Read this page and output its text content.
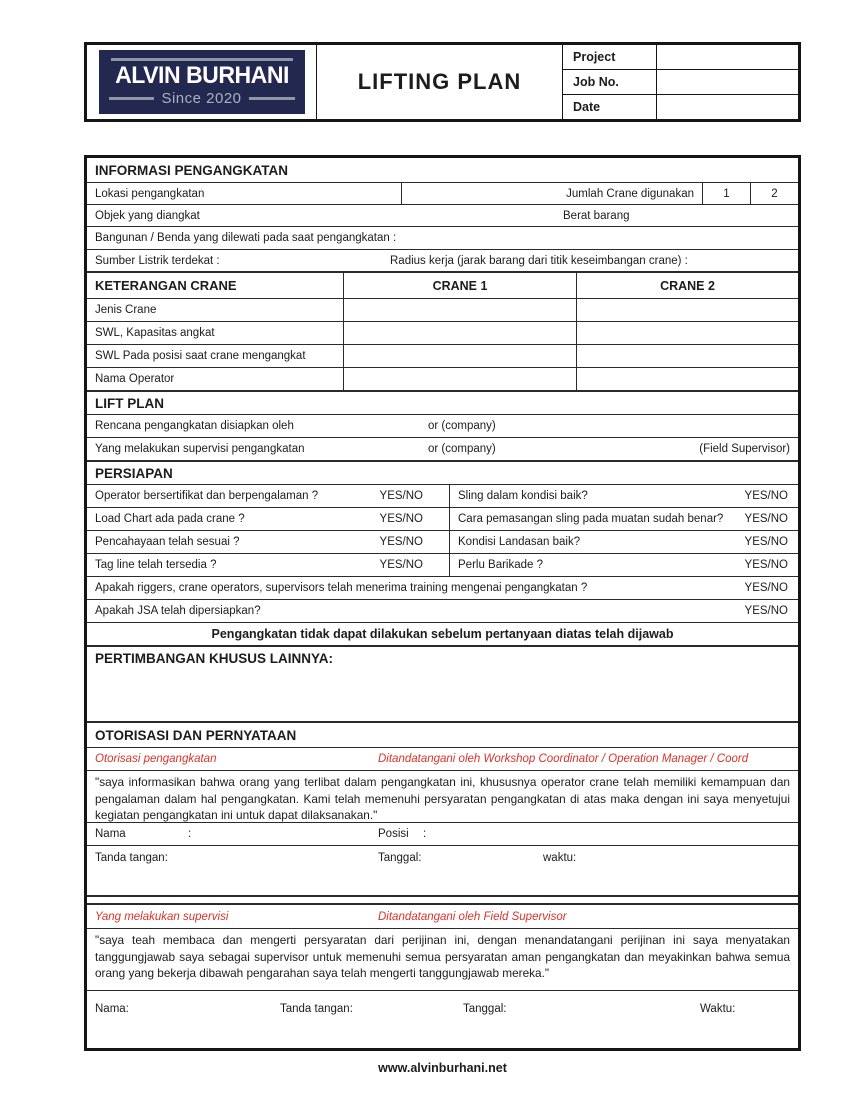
ALVIN BURHANI
Since 2020
LIFTING PLAN
Project
Job No.
Date
INFORMASI PENGANGKATAN
Lokasi pengangkatan	Jumlah Crane digunakan	1	2
Objek yang diangkat	Berat barang
Bangunan / Benda yang dilewati pada saat pengangkatan :
Sumber Listrik terdekat :	Radius kerja (jarak barang dari titik keseimbangan crane) :
KETERANGAN CRANE	CRANE 1	CRANE 2
Jenis Crane
SWL, Kapasitas angkat
SWL Pada posisi saat crane mengangkat
Nama Operator
LIFT PLAN
Rencana pengangkatan disiapkan oleh	or (company)
Yang melakukan supervisi pengangkatan	or (company)	(Field Supervisor)
PERSIAPAN
Operator bersertifikat dan berpengalaman ?	YES/NO	Sling dalam kondisi baik?	YES/NO
Load Chart ada pada crane ?	YES/NO	Cara pemasangan sling pada muatan sudah benar?	YES/NO
Pencahayaan telah sesuai ?	YES/NO	Kondisi Landasan baik?	YES/NO
Tag line telah tersedia ?	YES/NO	Perlu Barikade ?	YES/NO
Apakah riggers, crane operators, supervisors telah menerima training mengenai pengangkatan ?	YES/NO
Apakah JSA telah dipersiapkan?	YES/NO
Pengangkatan tidak dapat dilakukan sebelum pertanyaan diatas telah dijawab
PERTIMBANGAN KHUSUS LAINNYA:
OTORISASI DAN PERNYATAAN
Otorisasi pengangkatan	Ditandatangani oleh Workshop Coordinator / Operation Manager / Coord
"saya informasikan bahwa orang yang terlibat dalam pengangkatan ini, khususnya operator crane telah memiliki kemampuan dan pengalaman dalam hal pengangkatan. Kami telah memenuhi persyaratan pengangkatan di atas maka dengan ini saya menyetujui kegiatan pengangkatan ini untuk dapat dilaksanakan."
Nama	:	Posisi :
Tanda tangan:	Tanggal:	waktu:
Yang melakukan supervisi	Ditandatangani oleh Field Supervisor
"saya teah membaca dan mengerti persyaratan dari perijinan ini, dengan menandatangani perijinan ini saya menyatakan tanggungjawab saya sebagai supervisor untuk memenuhi semua persyaratan aman pengangkatan dan meyakinkan bahwa semua orang yang bekerja dibawah pengarahan saya telah mengerti tanggungjawab mereka."
Nama:	Tanda tangan:	Tanggal:	Waktu:
www.alvinburhani.net
